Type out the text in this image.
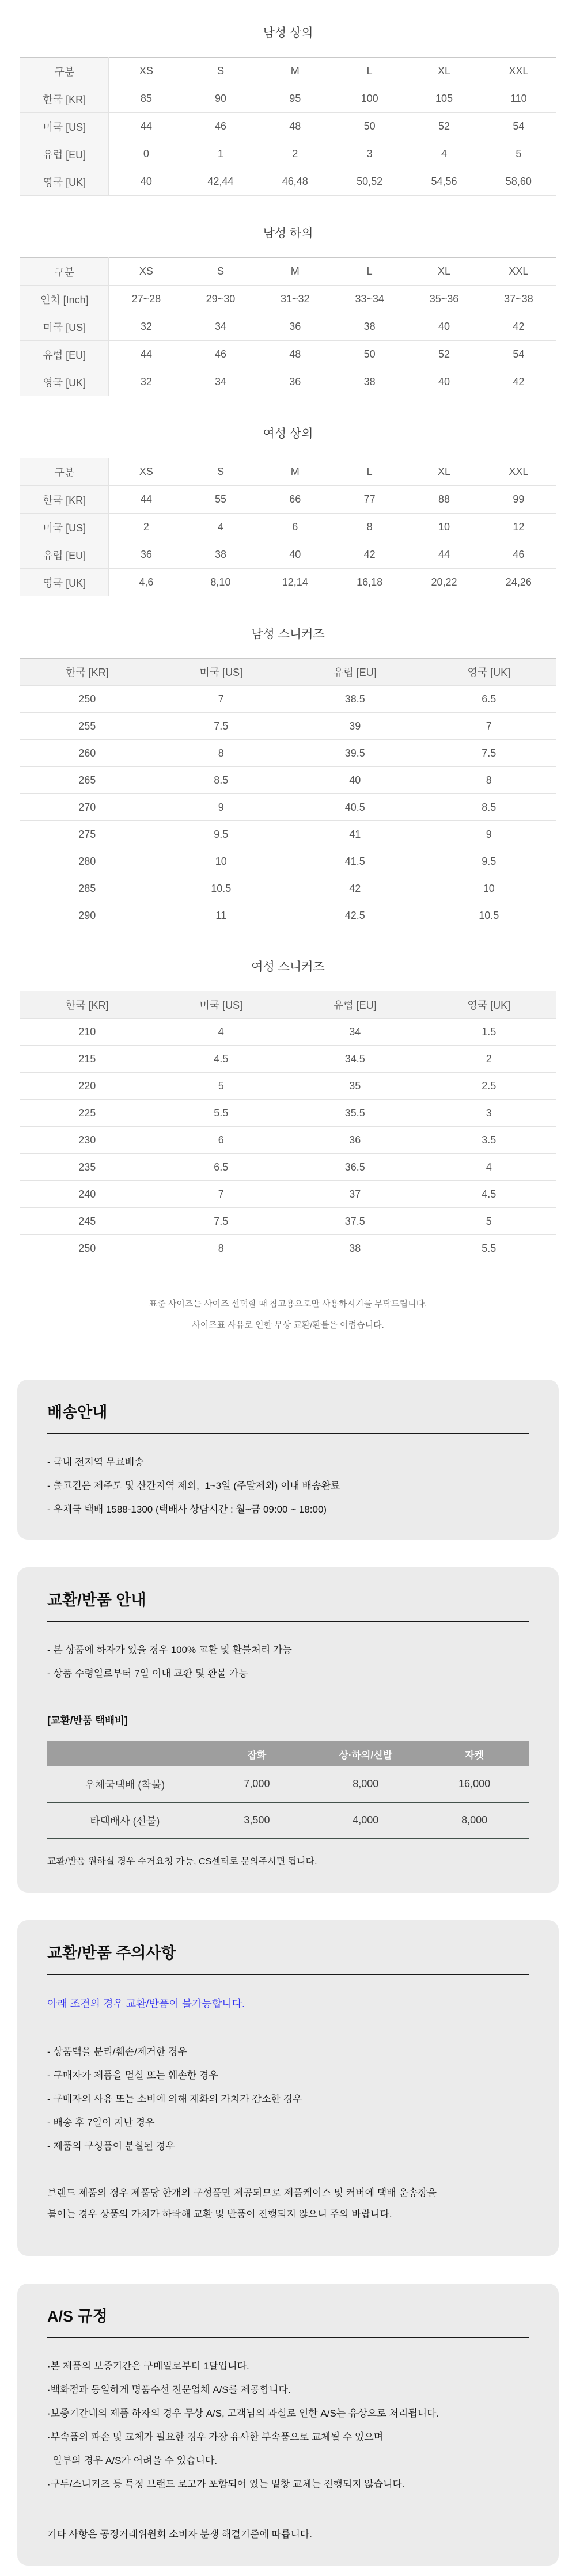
남성 상의
구분	XS	S	M	L	XL	XXL
한국 [KR]	85	90	95	100	105	110
미국 [US]	44	46	48	50	52	54
유럽 [EU]	0	1	2	3	4	5
영국 [UK]	40	42,44	46,48	50,52	54,56	58,60
남성 하의
구분	XS	S	M	L	XL	XXL
인치 [Inch]	27~28	29~30	31~32	33~34	35~36	37~38
미국 [US]	32	34	36	38	40	42
유럽 [EU]	44	46	48	50	52	54
영국 [UK]	32	34	36	38	40	42
여성 상의
구분	XS	S	M	L	XL	XXL
한국 [KR]	44	55	66	77	88	99
미국 [US]	2	4	6	8	10	12
유럽 [EU]	36	38	40	42	44	46
영국 [UK]	4,6	8,10	12,14	16,18	20,22	24,26
남성 스니커즈
한국 [KR]	미국 [US]	유럽 [EU]	영국 [UK]
250	7	38.5	6.5
255	7.5	39	7
260	8	39.5	7.5
265	8.5	40	8
270	9	40.5	8.5
275	9.5	41	9
280	10	41.5	9.5
285	10.5	42	10
290	11	42.5	10.5
여성 스니커즈
한국 [KR]	미국 [US]	유럽 [EU]	영국 [UK]
210	4	34	1.5
215	4.5	34.5	2
220	5	35	2.5
225	5.5	35.5	3
230	6	36	3.5
235	6.5	36.5	4
240	7	37	4.5
245	7.5	37.5	5
250	8	38	5.5

표준 사이즈는 사이즈 선택할 때 참고용으로만 사용하시기를 부탁드립니다.

사이즈표 사유로 인한 무상 교환/환불은 어렵습니다.

배송안내
- 국내 전지역 무료배송
- 출고건은 제주도 및 산간지역 제외,  1~3일 (주말제외) 이내 배송완료
- 우체국 택배 1588-1300 (택배사 상담시간 : 월~금 09:00 ~ 18:00)
교환/반품 안내
- 본 상품에 하자가 있을 경우 100% 교환 및 환불처리 가능
- 상품 수령일로부터 7일 이내 교환 및 환불 가능

[교환/반품 택배비]

	잡화	상·하의/신발	자켓
우체국택배 (착불)	7,000	8,000	16,000
타택배사 (선불)	3,500	4,000	8,000

교환/반품 원하실 경우 수거요청 가능, CS센터로 문의주시면 됩니다.

교환/반품 주의사항

아래 조건의 경우 교환/반품이 불가능합니다.

- 상품택을 분리/훼손/제거한 경우
- 구매자가 제품을 멸실 또는 훼손한 경우
- 구매자의 사용 또는 소비에 의해 재화의 가치가 감소한 경우
- 배송 후 7일이 지난 경우
- 제품의 구성품이 분실된 경우
브랜드 제품의 경우 제품당 한개의 구성품만 제공되므로 제품케이스 및 커버에 택배 운송장을
붙이는 경우 상품의 가치가 하락해 교환 및 반품이 진행되지 않으니 주의 바랍니다.
A/S 규정
·본 제품의 보증기간은 구매일로부터 1달입니다.
·백화점과 동일하게 명품수선 전문업체 A/S를 제공합니다.
·보증기간내의 제품 하자의 경우 무상 A/S, 고객님의 과실로 인한 A/S는 유상으로 처리됩니다.
·부속품의 파손 및 교체가 필요한 경우 가장 유사한 부속품으로 교체될 수 있으며
일부의 경우 A/S가 어려울 수 있습니다.
·구두/스니커즈 등 특정 브랜드 로고가 포함되어 있는 밑창 교체는 진행되지 않습니다.

기타 사항은 공정거래위원회 소비자 분쟁 해결기준에 따릅니다.
